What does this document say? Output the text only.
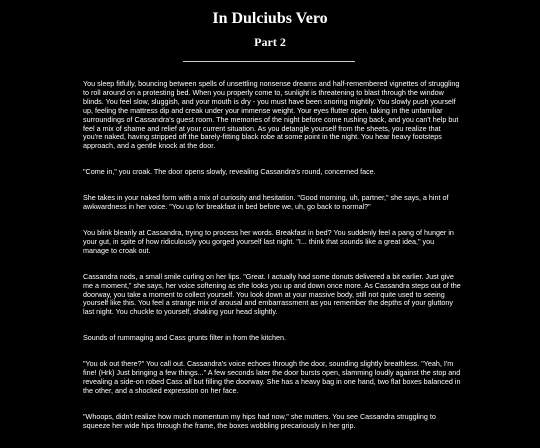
In Dulciubs Vero
Part 2

You sleep fitfully, bouncing between spells of unsettling nonsense dreams and half-remembered vignettes of struggling to roll around on a protesting bed. When you properly come to, sunlight is threatening to blast through the window blinds. You feel slow, sluggish, and your mouth is dry - you must have been snoring mightily. You slowly push yourself up, feeling the mattress dip and creak under your immense weight. Your eyes flutter open, taking in the unfamiliar surroundings of Cassandra's guest room. The memories of the night before come rushing back, and you can't help but feel a mix of shame and relief at your current situation. As you detangle yourself from the sheets, you realize that you're naked, having stripped off the barely-fitting black robe at some point in the night. You hear heavy footsteps approach, and a gentle knock at the door.

"Come in," you croak. The door opens slowly, revealing Cassandra's round, concerned face.

She takes in your naked form with a mix of curiosity and hesitation. "Good morning, uh, partner," she says, a hint of awkwardness in her voice. "You up for breakfast in bed before we, uh, go back to normal?"

You blink blearily at Cassandra, trying to process her words. Breakfast in bed? You suddenly feel a pang of hunger in your gut, in spite of how ridiculously you gorged yourself last night. "I... think that sounds like a great idea," you manage to croak out.

Cassandra nods, a small smile curling on her lips. "Great. I actually had some donuts delivered a bit earlier. Just give me a moment," she says, her voice softening as she looks you up and down once more. As Cassandra steps out of the doorway, you take a moment to collect yourself. You look down at your massive body, still not quite used to seeing yourself like this. You feel a strange mix of arousal and embarrassment as you remember the depths of your gluttony last night. You chuckle to yourself, shaking your head slightly.

Sounds of rummaging and Cass grunts filter in from the kitchen.

"You ok out there?" You call out. Cassandra's voice echoes through the door, sounding slightly breathless. "Yeah, I'm fine! (Hrk) Just bringing a few things..." A few seconds later the door bursts open, slamming loudly against the stop and revealing a side-on robed Cass all but filling the doorway. She has a heavy bag in one hand, two flat boxes balanced in the other, and a shocked expression on her face.

"Whoops, didn't realize how much momentum my hips had now," she mutters. You see Cassandra struggling to squeeze her wide hips through the frame, the boxes wobbling precariously in her grip.
